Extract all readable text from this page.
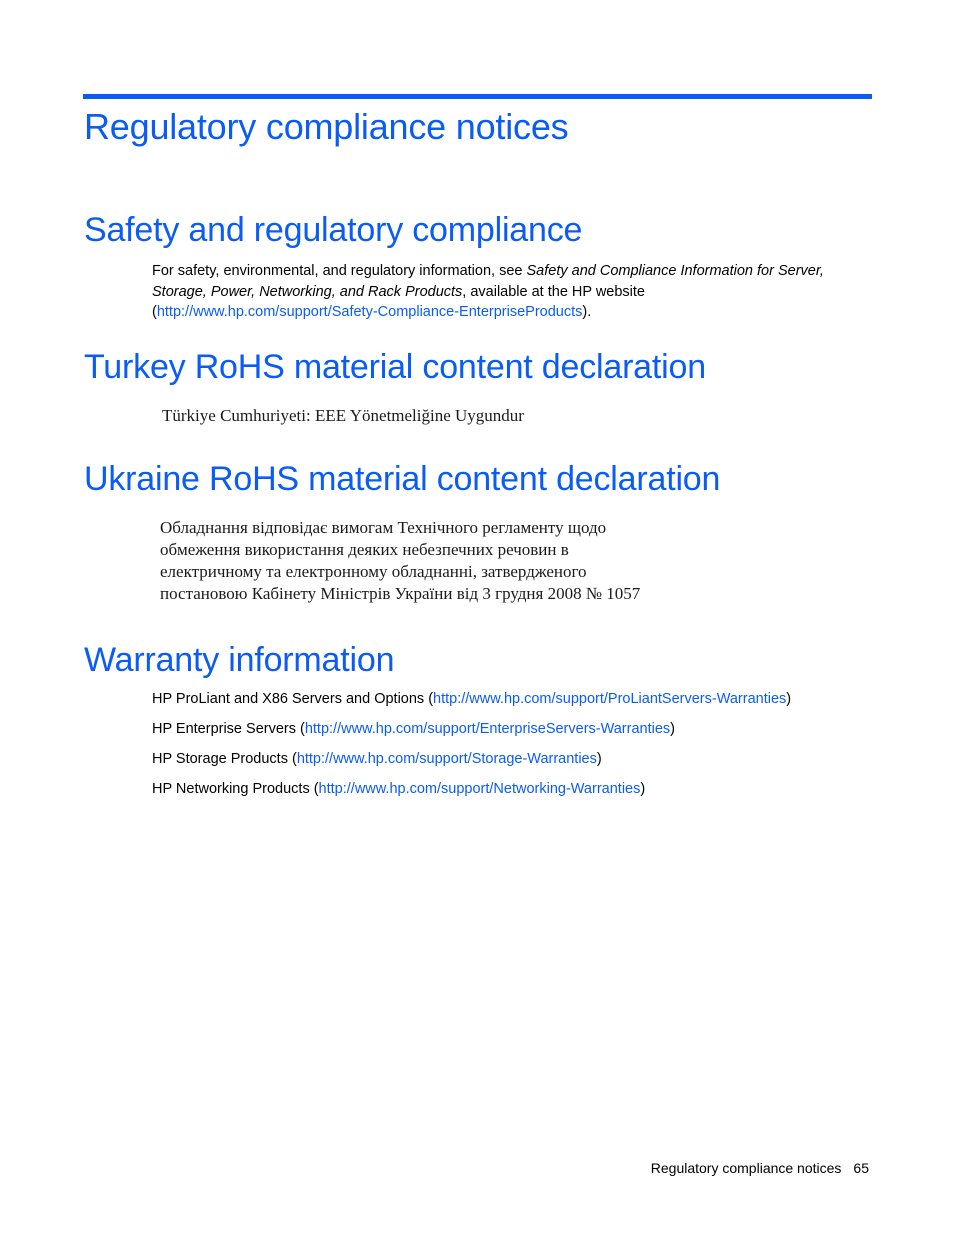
Regulatory compliance notices
Safety and regulatory compliance

For safety, environmental, and regulatory information, see Safety and Compliance Information for Server, Storage, Power, Networking, and Rack Products, available at the HP website
(http://www.hp.com/support/Safety-Compliance-EnterpriseProducts).

Turkey RoHS material content declaration
Türkiye Cumhuriyeti: EEE Yönetmeliğine Uygundur
Ukraine RoHS material content declaration
Обладнання відповідає вимогам Технічного регламенту щодо
обмеження використання деяких небезпечних речовин в
електричному та електронному обладнанні, затвердженого
постановою Кабінету Міністрів України від 3 грудня 2008 № 1057
Warranty information
HP ProLiant and X86 Servers and Options (http://www.hp.com/support/ProLiantServers-Warranties)
HP Enterprise Servers (http://www.hp.com/support/EnterpriseServers-Warranties)
HP Storage Products (http://www.hp.com/support/Storage-Warranties)
HP Networking Products (http://www.hp.com/support/Networking-Warranties)
Regulatory compliance notices 65
